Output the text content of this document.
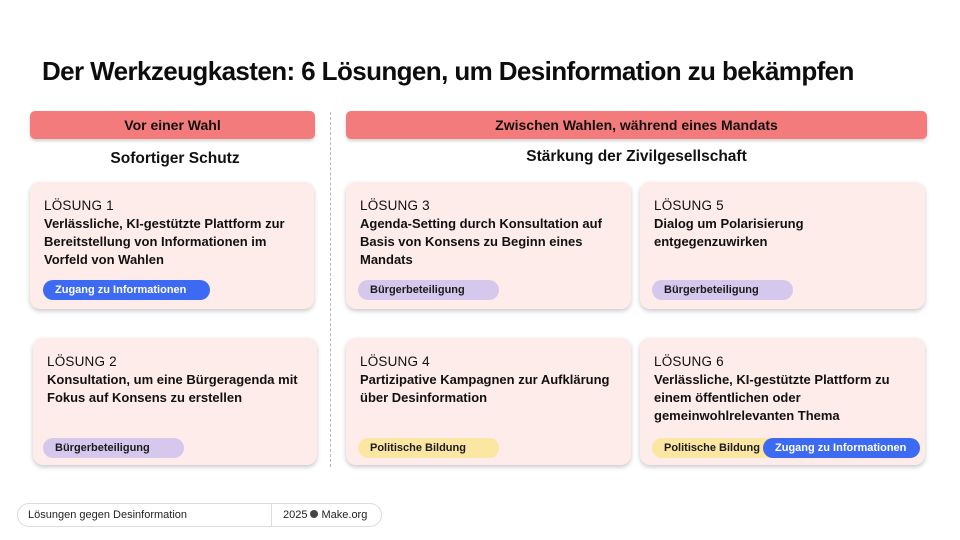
Der Werkzeugkasten: 6 Lösungen, um Desinformation zu bekämpfen
Vor einer Wahl
Sofortiger Schutz
Zwischen Wahlen, während eines Mandats
Stärkung der Zivilgesellschaft
LÖSUNG 1
Verlässliche, KI-gestützte Plattform zur Bereitstellung von Informationen im Vorfeld von Wahlen
Zugang zu Informationen
LÖSUNG 2
Konsultation, um eine Bürgeragenda mit Fokus auf Konsens zu erstellen
Bürgerbeteiligung
LÖSUNG 3
Agenda-Setting durch Konsultation auf Basis von Konsens zu Beginn eines Mandats
Bürgerbeteiligung
LÖSUNG 4
Partizipative Kampagnen zur Aufklärung über Desinformation
Politische Bildung
LÖSUNG 5
Dialog um Polarisierung entgegenzuwirken
Bürgerbeteiligung
LÖSUNG 6
Verlässliche, KI-gestützte Plattform zu einem öffentlichen oder gemeinwohlrelevanten Thema
Politische Bildung	Zugang zu Informationen
Lösungen gegen Desinformation	2025 Make.org
